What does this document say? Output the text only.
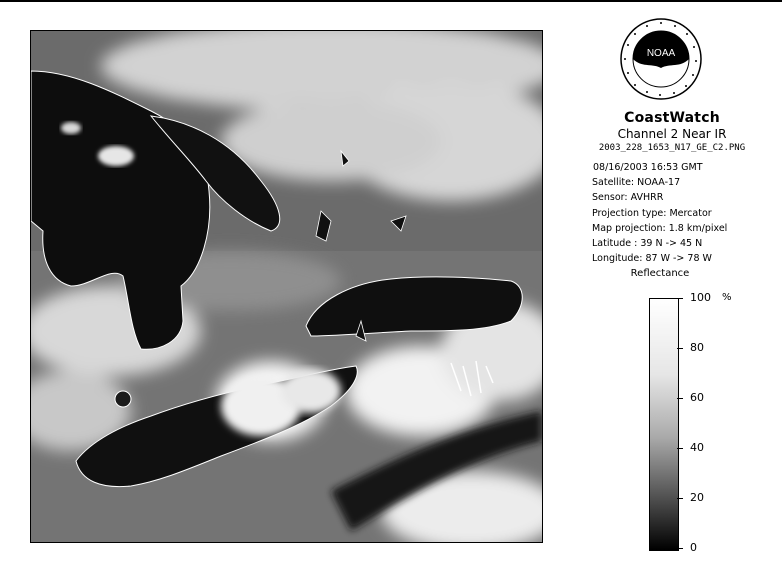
NOAA
CoastWatch
Channel 2 Near IR
2003_228_1653_N17_GE_C2.PNG
08/16/2003 16:53 GMT
Satellite: NOAA-17
Sensor: AVHRR
Projection type: Mercator
Map projection: 1.8 km/pixel
Latitude : 39 N -> 45 N
Longitude: 87 W -> 78 W
Reflectance
%
100
80
60
40
20
0
